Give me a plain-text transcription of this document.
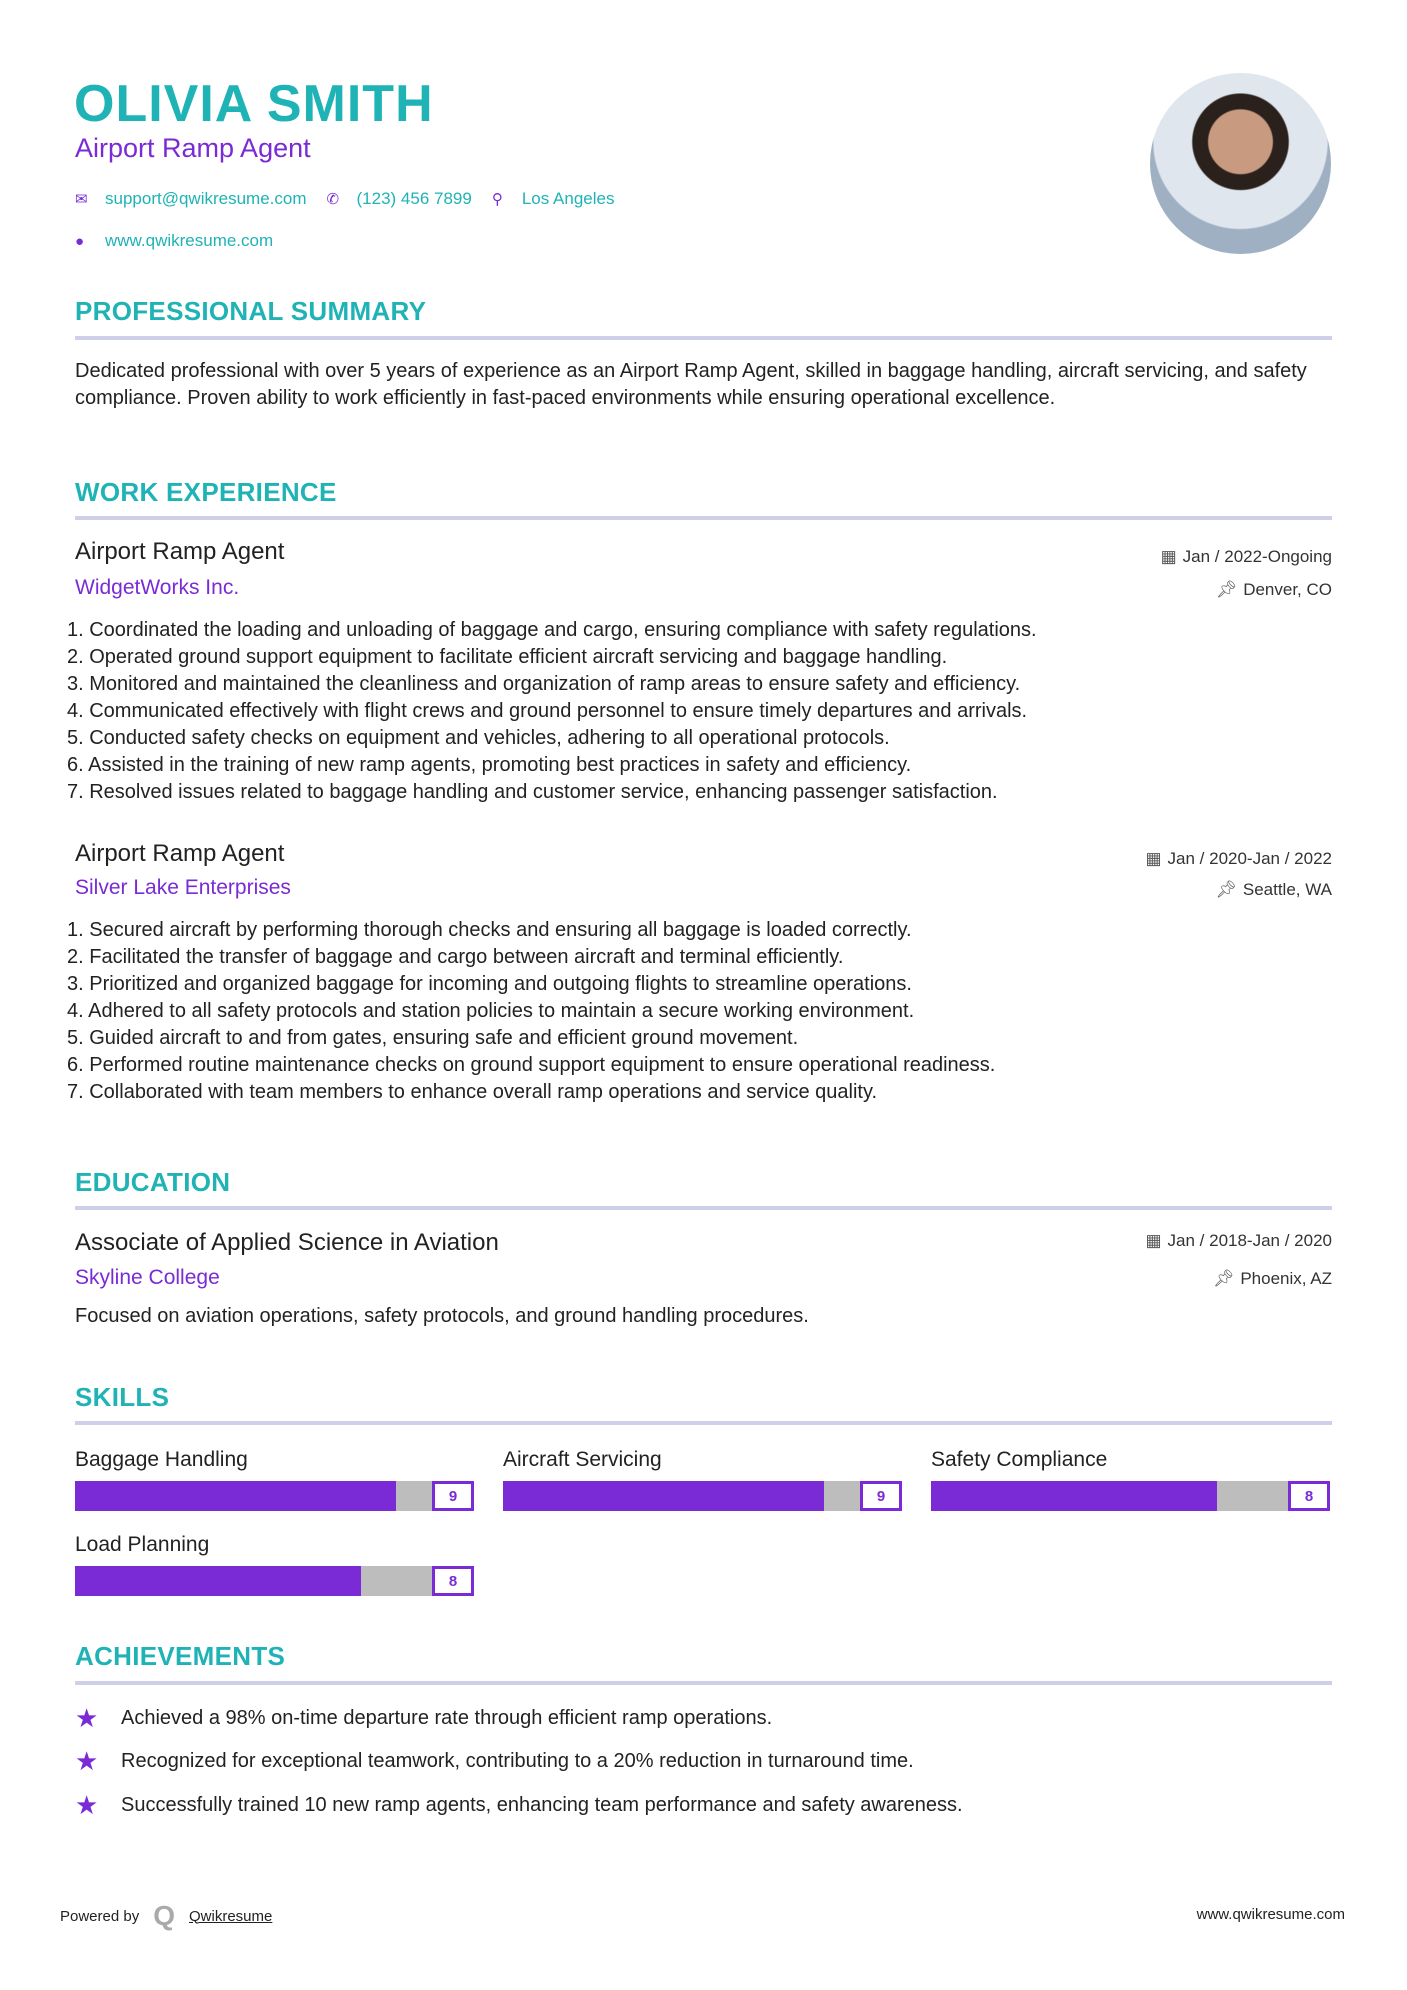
OLIVIA SMITH
Airport Ramp Agent
✉	support@qwikresume.com ✆	(123) 456 7899 ⚲	Los Angeles
●	www.qwikresume.com
PROFESSIONAL SUMMARY
Dedicated professional with over 5 years of experience as an Airport Ramp Agent, skilled in baggage handling, aircraft servicing, and safety compliance. Proven ability to work efficiently in fast-paced environments while ensuring operational excellence.
WORK EXPERIENCE
Airport Ramp Agent	▦ Jan / 2022-Ongoing
WidgetWorks Inc.	📌︎ Denver, CO
1. Coordinated the loading and unloading of baggage and cargo, ensuring compliance with safety regulations.
2. Operated ground support equipment to facilitate efficient aircraft servicing and baggage handling.
3. Monitored and maintained the cleanliness and organization of ramp areas to ensure safety and efficiency.
4. Communicated effectively with flight crews and ground personnel to ensure timely departures and arrivals.
5. Conducted safety checks on equipment and vehicles, adhering to all operational protocols.
6. Assisted in the training of new ramp agents, promoting best practices in safety and efficiency.
7. Resolved issues related to baggage handling and customer service, enhancing passenger satisfaction.
Airport Ramp Agent	▦ Jan / 2020-Jan / 2022
Silver Lake Enterprises	📌︎ Seattle, WA
1. Secured aircraft by performing thorough checks and ensuring all baggage is loaded correctly.
2. Facilitated the transfer of baggage and cargo between aircraft and terminal efficiently.
3. Prioritized and organized baggage for incoming and outgoing flights to streamline operations.
4. Adhered to all safety protocols and station policies to maintain a secure working environment.
5. Guided aircraft to and from gates, ensuring safe and efficient ground movement.
6. Performed routine maintenance checks on ground support equipment to ensure operational readiness.
7. Collaborated with team members to enhance overall ramp operations and service quality.
EDUCATION
Associate of Applied Science in Aviation	▦ Jan / 2018-Jan / 2020
Skyline College	📌︎ Phoenix, AZ
Focused on aviation operations, safety protocols, and ground handling procedures.
SKILLS
Baggage Handling
9
Aircraft Servicing
9
Safety Compliance
8
Load Planning
8
ACHIEVEMENTS
★	Achieved a 98% on-time departure rate through efficient ramp operations.
★	Recognized for exceptional teamwork, contributing to a 20% reduction in turnaround time.
★	Successfully trained 10 new ramp agents, enhancing team performance and safety awareness.
Powered by Q Qwikresume	www.qwikresume.com
